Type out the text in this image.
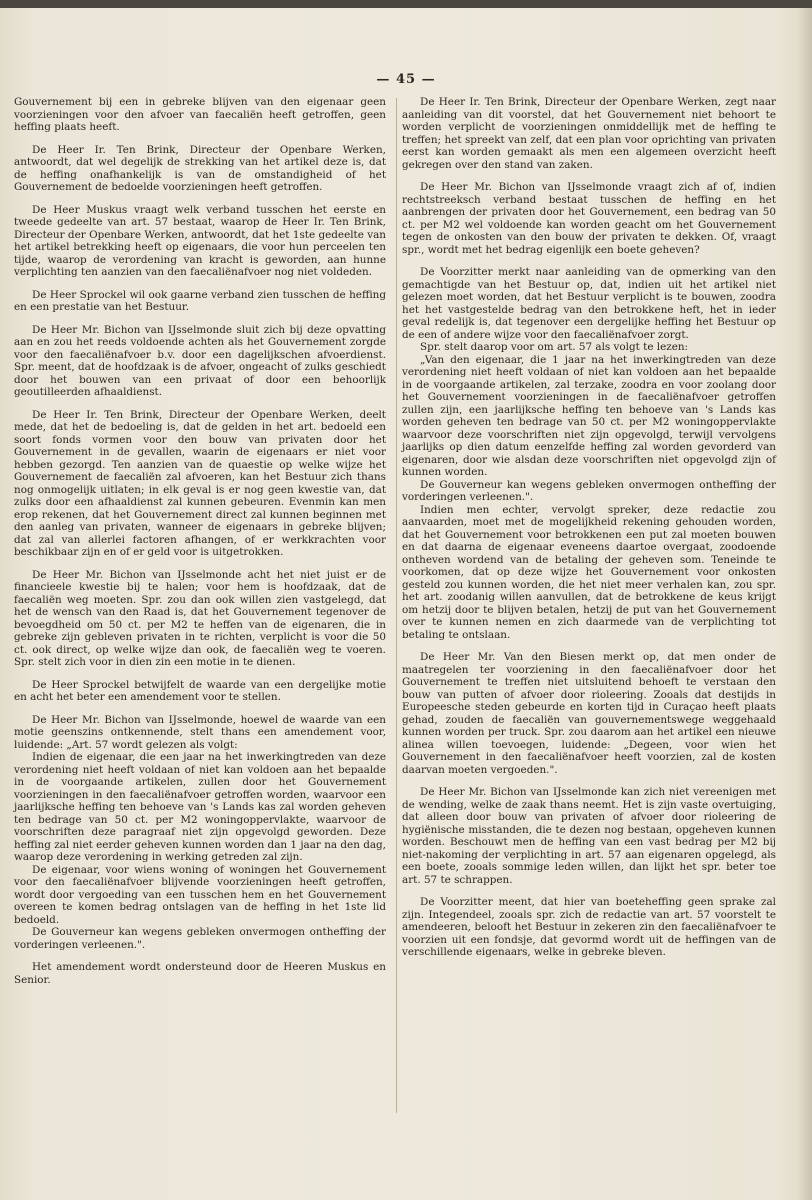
— 45 —

Gouvernement bij een in gebreke blijven van den eigenaar geen voorzieningen voor den afvoer van faecaliën heeft getroffen, geen heffing plaats heeft.

De Heer Ir. Ten Brink, Directeur der Openbare Werken, antwoordt, dat wel degelijk de strekking van het artikel deze is, dat de heffing onafhankelijk is van de omstandigheid of het Gouvernement de bedoelde voorzieningen heeft getroffen.

De Heer Muskus vraagt welk verband tusschen het eerste en tweede gedeelte van art. 57 bestaat, waarop de Heer Ir. Ten Brink, Directeur der Openbare Werken, antwoordt, dat het 1ste gedeelte van het artikel betrekking heeft op eigenaars, die voor hun perceelen ten tijde, waarop de verordening van kracht is geworden, aan hunne verplichting ten aanzien van den faecaliënafvoer nog niet voldeden.

De Heer Sprockel wil ook gaarne verband zien tusschen de heffing en een prestatie van het Bestuur.

De Heer Mr. Bichon van IJsselmonde sluit zich bij deze opvatting aan en zou het reeds voldoende achten als het Gouvernement zorgde voor den faecaliënafvoer b.v. door een dagelijkschen afvoerdienst. Spr. meent, dat de hoofdzaak is de afvoer, ongeacht of zulks geschiedt door het bouwen van een privaat of door een behoorlijk geoutilleerden afhaaldienst.

De Heer Ir. Ten Brink, Directeur der Openbare Werken, deelt mede, dat het de bedoeling is, dat de gelden in het art. bedoeld een soort fonds vormen voor den bouw van privaten door het Gouvernement in de gevallen, waarin de eigenaars er niet voor hebben gezorgd. Ten aanzien van de quaestie op welke wijze het Gouvernement de faecaliën zal afvoeren, kan het Bestuur zich thans nog onmogelijk uitlaten; in elk geval is er nog geen kwestie van, dat zulks door een afhaaldienst zal kunnen gebeuren. Evenmin kan men erop rekenen, dat het Gouvernement direct zal kunnen beginnen met den aanleg van privaten, wanneer de eigenaars in gebreke blijven; dat zal van allerlei factoren afhangen, of er werkkrachten voor beschikbaar zijn en of er geld voor is uitgetrokken.

De Heer Mr. Bichon van IJsselmonde acht het niet juist er de financieele kwestie bij te halen; voor hem is hoofdzaak, dat de faecaliën weg moeten. Spr. zou dan ook willen zien vastgelegd, dat het de wensch van den Raad is, dat het Gouvernement tegenover de bevoegdheid om 50 ct. per M2 te heffen van de eigenaren, die in gebreke zijn gebleven privaten in te richten, verplicht is voor die 50 ct. ook direct, op welke wijze dan ook, de faecaliën weg te voeren. Spr. stelt zich voor in dien zin een motie in te dienen.

De Heer Sprockel betwijfelt de waarde van een dergelijke motie en acht het beter een amendement voor te stellen.

De Heer Mr. Bichon van IJsselmonde, hoewel de waarde van een motie geenszins ontkennende, stelt thans een amendement voor, luidende: „Art. 57 wordt gelezen als volgt:

Indien de eigenaar, die een jaar na het inwerkingtreden van deze verordening niet heeft voldaan of niet kan voldoen aan het bepaalde in de voorgaande artikelen, zullen door het Gouvernement voorzieningen in den faecaliënafvoer getroffen worden, waarvoor een jaarlijksche heffing ten behoeve van 's Lands kas zal worden geheven ten bedrage van 50 ct. per M2 woningoppervlakte, waarvoor de voorschriften deze paragraaf niet zijn opgevolgd geworden. Deze heffing zal niet eerder geheven kunnen worden dan 1 jaar na den dag, waarop deze verordening in werking getreden zal zijn.

De eigenaar, voor wiens woning of woningen het Gouvernement voor den faecaliënafvoer blijvende voorzieningen heeft getroffen, wordt door vergoeding van een tusschen hem en het Gouvernement overeen te komen bedrag ontslagen van de heffing in het 1ste lid bedoeld.

De Gouverneur kan wegens gebleken onvermogen ontheffing der vorderingen verleenen.".

Het amendement wordt ondersteund door de Heeren Muskus en Senior.

De Heer Ir. Ten Brink, Directeur der Openbare Werken, zegt naar aanleiding van dit voorstel, dat het Gouvernement niet behoort te worden verplicht de voorzieningen onmiddellijk met de heffing te treffen; het spreekt van zelf, dat een plan voor oprichting van privaten eerst kan worden gemaakt als men een algemeen overzicht heeft gekregen over den stand van zaken.

De Heer Mr. Bichon van IJsselmonde vraagt zich af of, indien rechtstreeksch verband bestaat tusschen de heffing en het aanbrengen der privaten door het Gouvernement, een bedrag van 50 ct. per M2 wel voldoende kan worden geacht om het Gouvernement tegen de onkosten van den bouw der privaten te dekken. Of, vraagt spr., wordt met het bedrag eigenlijk een boete geheven?

De Voorzitter merkt naar aanleiding van de opmerking van den gemachtigde van het Bestuur op, dat, indien uit het artikel niet gelezen moet worden, dat het Bestuur verplicht is te bouwen, zoodra het het vastgestelde bedrag van den betrokkene heft, het in ieder geval redelijk is, dat tegenover een dergelijke heffing het Bestuur op de een of andere wijze voor den faecaliënafvoer zorgt.

Spr. stelt daarop voor om art. 57 als volgt te lezen:

„Van den eigenaar, die 1 jaar na het inwerkingtreden van deze verordening niet heeft voldaan of niet kan voldoen aan het bepaalde in de voorgaande artikelen, zal terzake, zoodra en voor zoolang door het Gouvernement voorzieningen in de faecaliënafvoer getroffen zullen zijn, een jaarlijksche heffing ten behoeve van 's Lands kas worden geheven ten bedrage van 50 ct. per M2 woningoppervlakte waarvoor deze voorschriften niet zijn opgevolgd, terwijl vervolgens jaarlijks op dien datum eenzelfde heffing zal worden gevorderd van eigenaren, door wie alsdan deze voorschriften niet opgevolgd zijn of kunnen worden.

De Gouverneur kan wegens gebleken onvermogen ontheffing der vorderingen verleenen.".

Indien men echter, vervolgt spreker, deze redactie zou aanvaarden, moet met de mogelijkheid rekening gehouden worden, dat het Gouvernement voor betrokkenen een put zal moeten bouwen en dat daarna de eigenaar eveneens daartoe overgaat, zoodoende ontheven wordend van de betaling der geheven som. Teneinde te voorkomen, dat op deze wijze het Gouvernement voor onkosten gesteld zou kunnen worden, die het niet meer verhalen kan, zou spr. het art. zoodanig willen aanvullen, dat de betrokkene de keus krijgt om hetzij door te blijven betalen, hetzij de put van het Gouvernement over te kunnen nemen en zich daarmede van de verplichting tot betaling te ontslaan.

De Heer Mr. Van den Biesen merkt op, dat men onder de maatregelen ter voorziening in den faecaliënafvoer door het Gouvernement te treffen niet uitsluitend behoeft te verstaan den bouw van putten of afvoer door rioleering. Zooals dat destijds in Europeesche steden gebeurde en korten tijd in Curaçao heeft plaats gehad, zouden de faecaliën van gouvernementswege weggehaald kunnen worden per truck. Spr. zou daarom aan het artikel een nieuwe alinea willen toevoegen, luidende: „Degeen, voor wien het Gouvernement in den faecaliënafvoer heeft voorzien, zal de kosten daarvan moeten vergoeden.".

De Heer Mr. Bichon van IJsselmonde kan zich niet vereenigen met de wending, welke de zaak thans neemt. Het is zijn vaste overtuiging, dat alleen door bouw van privaten of afvoer door rioleering de hygiënische misstanden, die te dezen nog bestaan, opgeheven kunnen worden. Beschouwt men de heffing van een vast bedrag per M2 bij niet-nakoming der verplichting in art. 57 aan eigenaren opgelegd, als een boete, zooals sommige leden willen, dan lijkt het spr. beter toe art. 57 te schrappen.

De Voorzitter meent, dat hier van boeteheffing geen sprake zal zijn. Integendeel, zooals spr. zich de redactie van art. 57 voorstelt te amendeeren, belooft het Bestuur in zekeren zin den faecaliënafvoer te voorzien uit een fondsje, dat gevormd wordt uit de heffingen van de verschillende eigenaars, welke in gebreke bleven.
